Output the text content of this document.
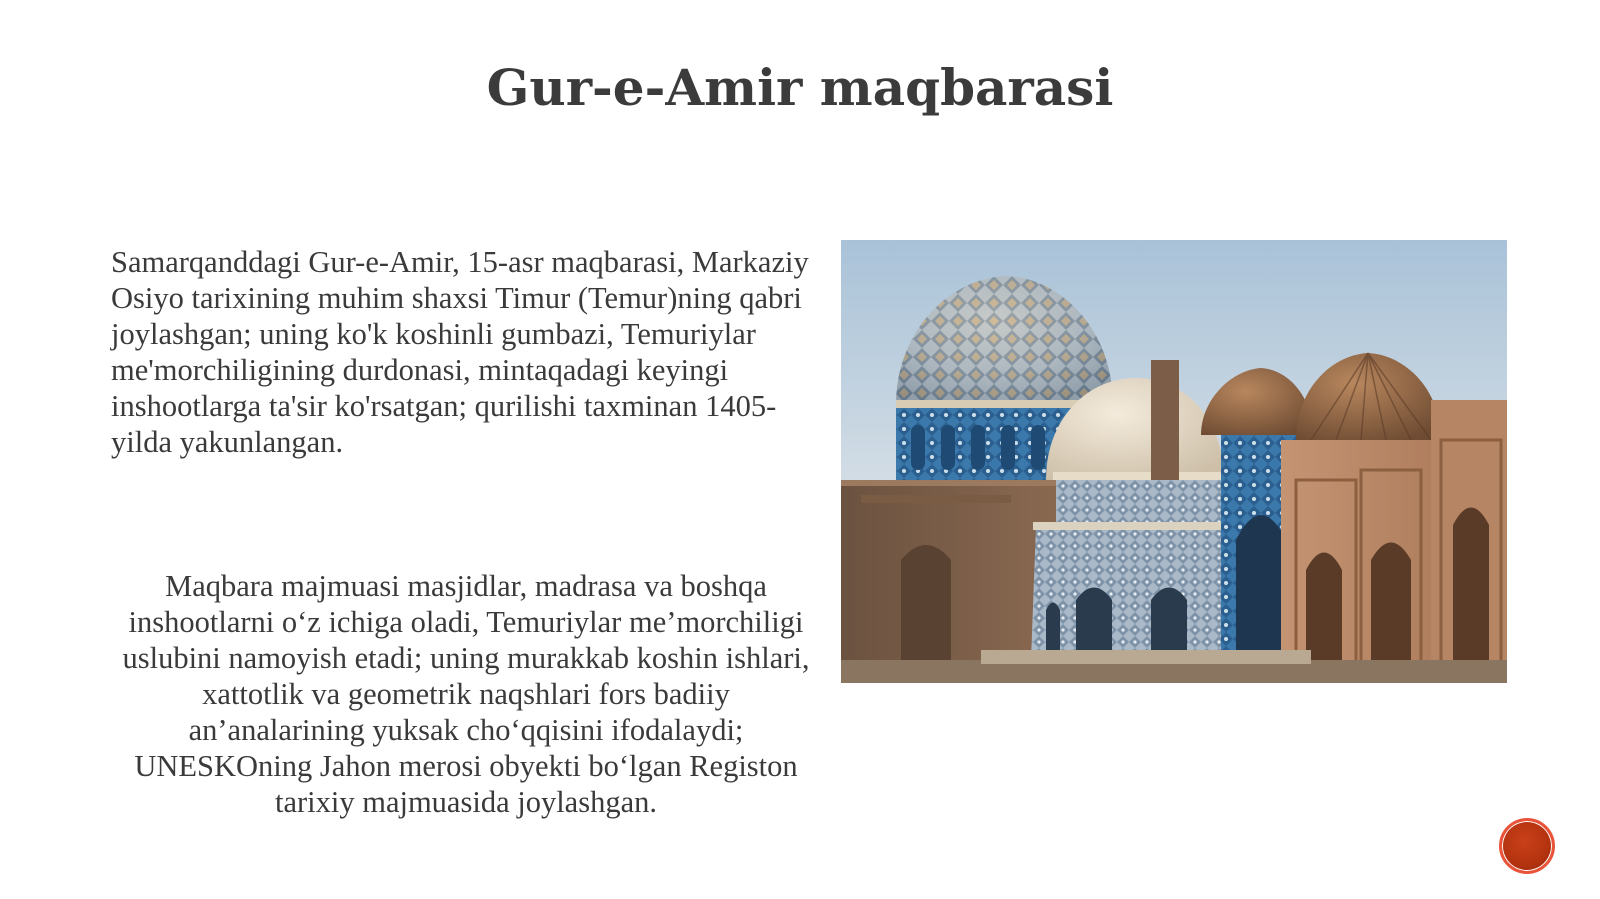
Gur-e-Amir maqbarasi
Samarqanddagi Gur-e-Amir, 15-asr maqbarasi, Markaziy Osiyo tarixining muhim shaxsi Timur (Temur)ning qabri joylashgan; uning ko'k koshinli gumbazi, Temuriylar me'morchiligining durdonasi, mintaqadagi keyingi inshootlarga ta'sir ko'rsatgan; qurilishi taxminan 1405-yilda yakunlangan.
Maqbara majmuasi masjidlar, madrasa va boshqa inshootlarni o‘z ichiga oladi, Temuriylar me’morchiligi uslubini namoyish etadi; uning murakkab koshin ishlari, xattotlik va geometrik naqshlari fors badiiy an’analarining yuksak cho‘qqisini ifodalaydi; UNESKOning Jahon merosi obyekti bo‘lgan Registon tarixiy majmuasida joylashgan.
